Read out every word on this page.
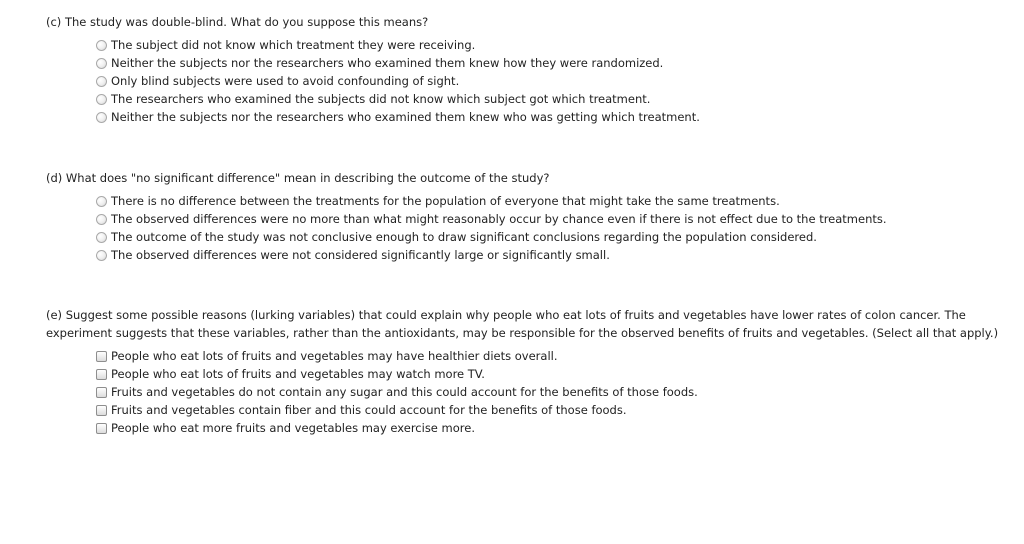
(c) The study was double-blind. What do you suppose this means?

The subject did not know which treatment they were receiving.
Neither the subjects nor the researchers who examined them knew how they were randomized.
Only blind subjects were used to avoid confounding of sight.
The researchers who examined the subjects did not know which subject got which treatment.
Neither the subjects nor the researchers who examined them knew who was getting which treatment.

(d) What does "no significant difference" mean in describing the outcome of the study?

There is no difference between the treatments for the population of everyone that might take the same treatments.
The observed differences were no more than what might reasonably occur by chance even if there is not effect due to the treatments.
The outcome of the study was not conclusive enough to draw significant conclusions regarding the population considered.
The observed differences were not considered significantly large or significantly small.

(e) Suggest some possible reasons (lurking variables) that could explain why people who eat lots of fruits and vegetables have lower rates of colon cancer. The experiment suggests that these variables, rather than the antioxidants, may be responsible for the observed benefits of fruits and vegetables. (Select all that apply.)

People who eat lots of fruits and vegetables may have healthier diets overall.
People who eat lots of fruits and vegetables may watch more TV.
Fruits and vegetables do not contain any sugar and this could account for the benefits of those foods.
Fruits and vegetables contain fiber and this could account for the benefits of those foods.
People who eat more fruits and vegetables may exercise more.
